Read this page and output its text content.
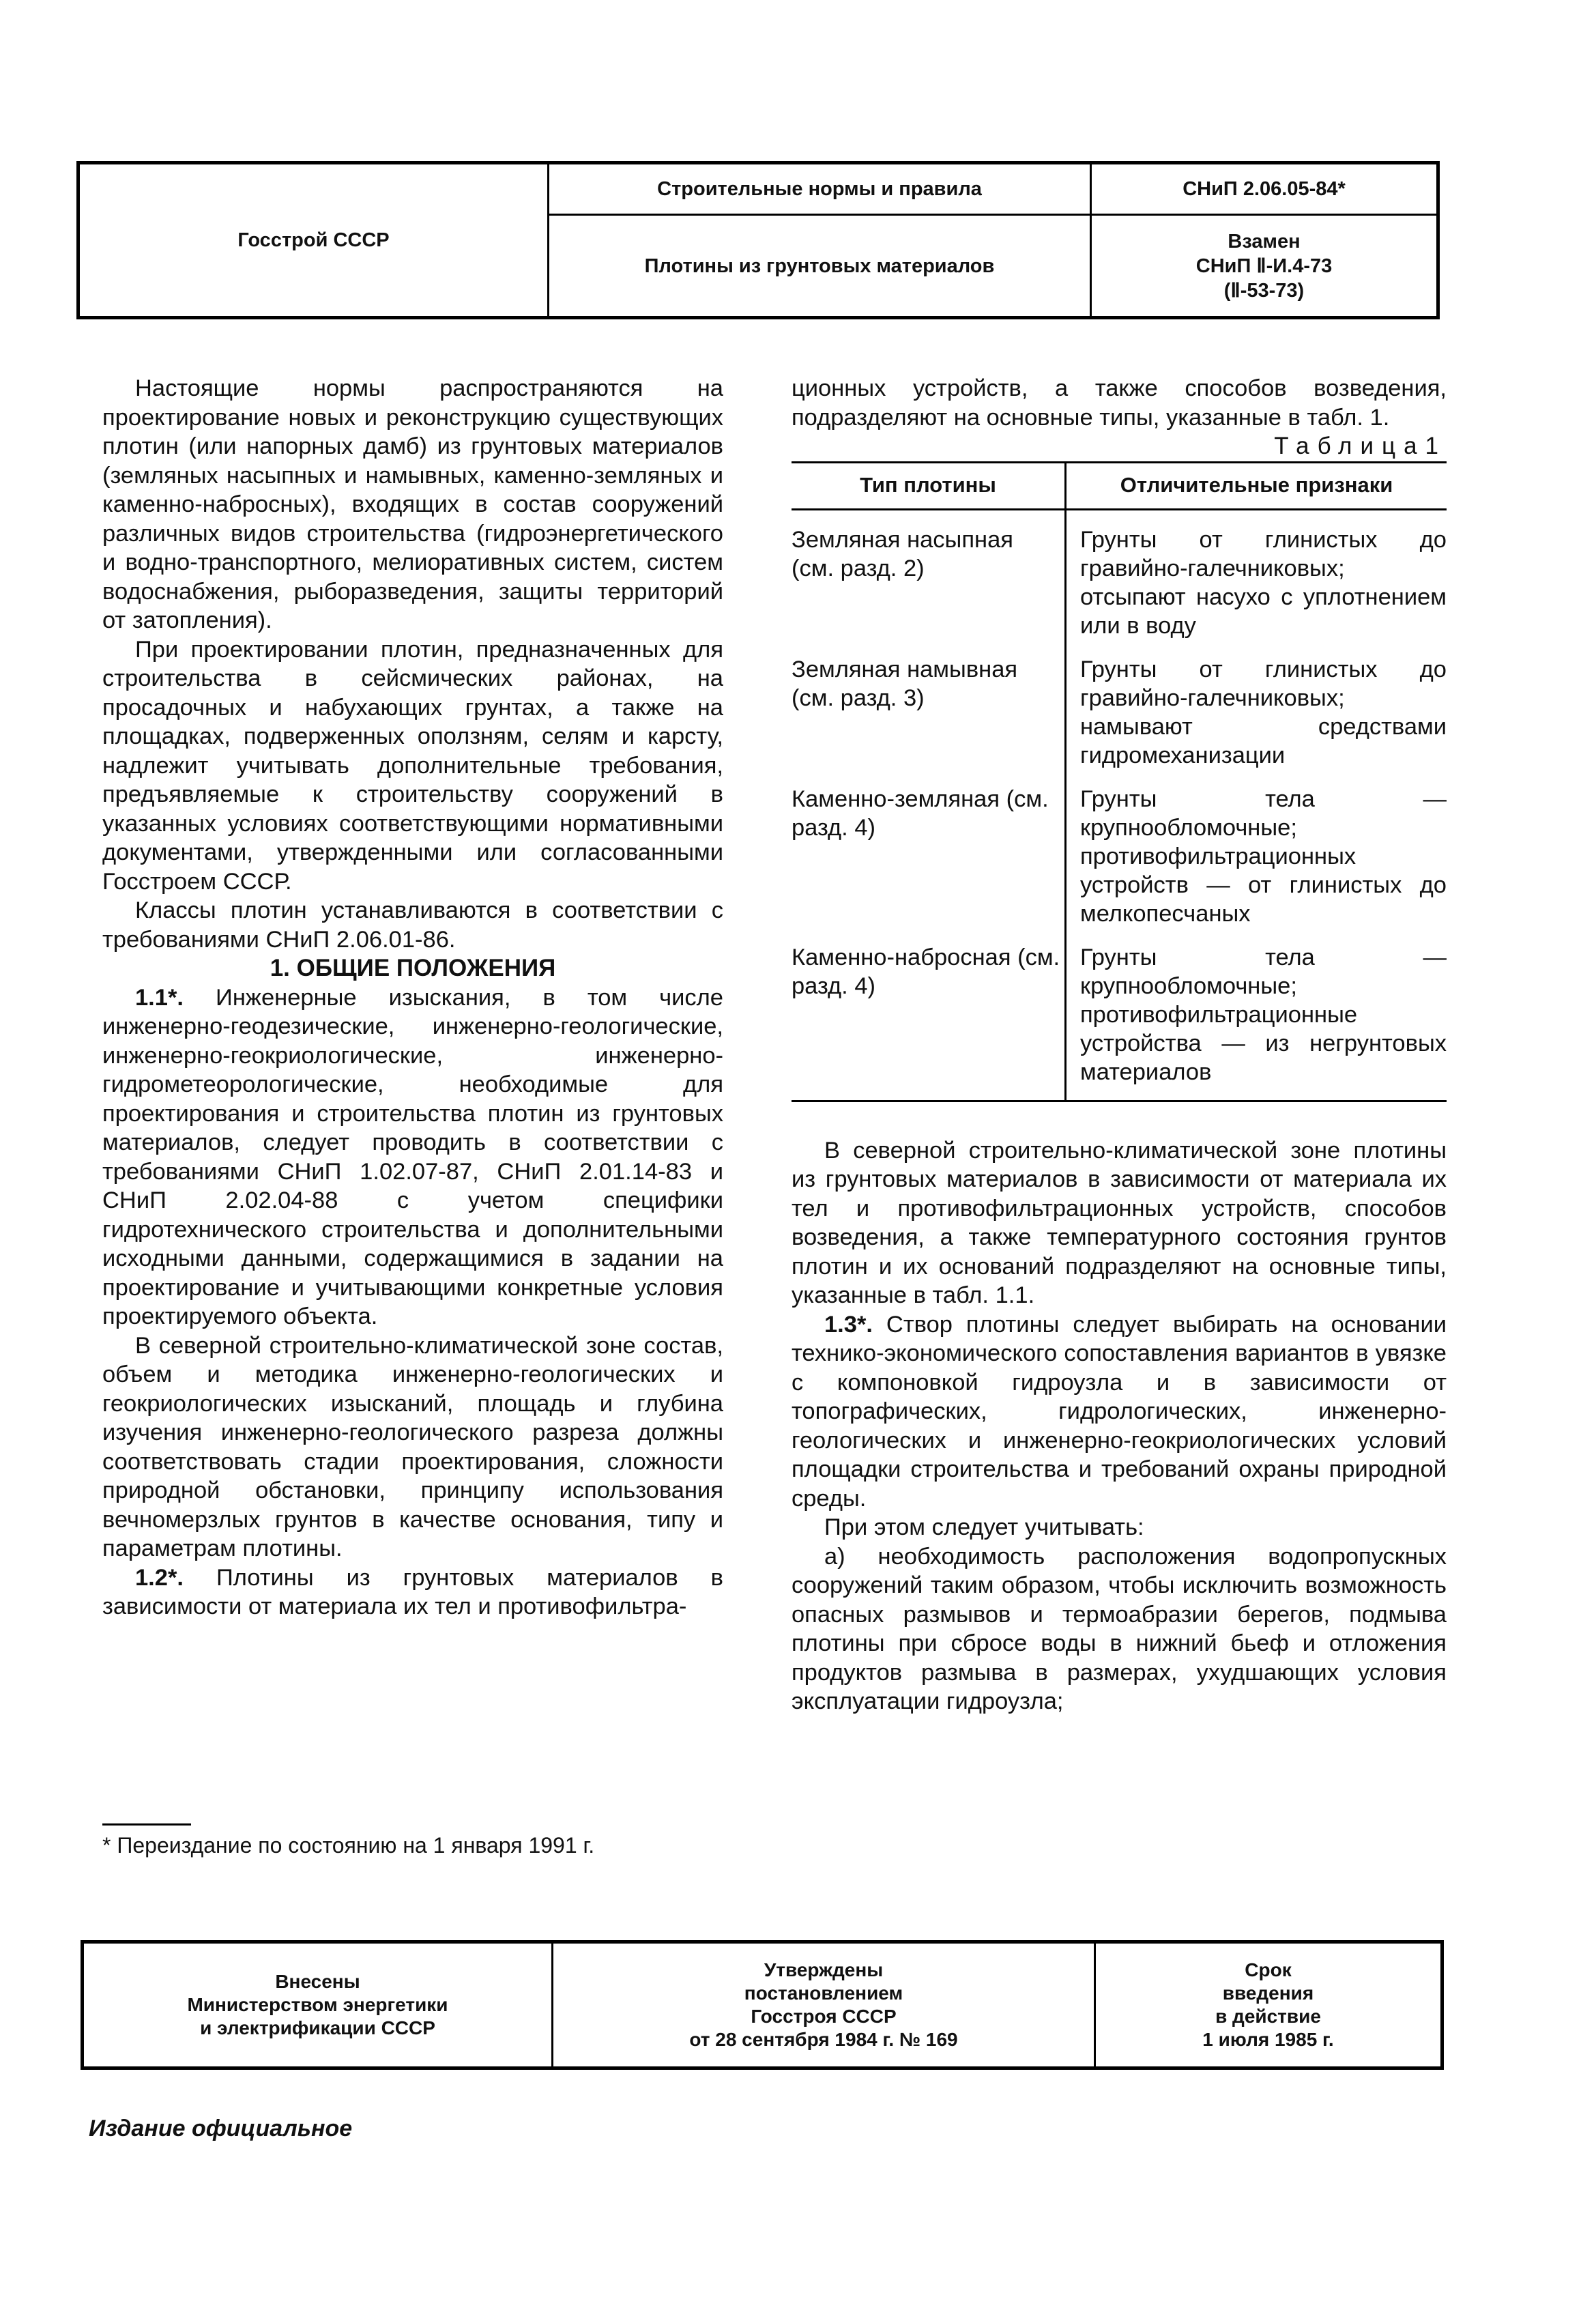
Госстрой СССР
Строительные нормы и правила
Плотины из грунтовых материалов
СНиП 2.06.05-84*
Взамен
СНиП Ⅱ-И.4-73
(Ⅱ-53-73)

Настоящие нормы распространяются на проектирование новых и реконструкцию существующих плотин (или напорных дамб) из грунтовых материалов (земляных насыпных и намывных, каменно-земляных и каменно-набросных), входящих в состав сооружений различных видов строительства (гидроэнергетического и водно-транспортного, мелиоративных систем, систем водоснабжения, рыборазведения, защиты территорий от затопления).

При проектировании плотин, предназначенных для строительства в сейсмических районах, на просадочных и набухающих грунтах, а также на площадках, подверженных оползням, селям и карсту, надлежит учитывать дополнительные требования, предъявляемые к строительству сооружений в указанных условиях соответствующими нормативными документами, утвержденными или согласованными Госстроем СССР.

Классы плотин устанавливаются в соответствии с требованиями СНиП 2.06.01-86.

1. ОБЩИЕ ПОЛОЖЕНИЯ

1.1*. Инженерные изыскания, в том числе инженерно-геодезические, инженерно-геологические, инженерно-геокриологические, инженерно-гидрометеорологические, необходимые для проектирования и строительства плотин из грунтовых материалов, следует проводить в соответствии с требованиями СНиП 1.02.07-87, СНиП 2.01.14-83 и СНиП 2.02.04-88 с учетом специфики гидротехнического строительства и дополнительными исходными данными, содержащимися в задании на проектирование и учитывающими конкретные условия проектируемого объекта.

В северной строительно-климатической зоне состав, объем и методика инженерно-геологических и геокриологических изысканий, площадь и глубина изучения инженерно-геологического разреза должны соответствовать стадии проектирования, сложности природной обстановки, принципу использования вечномерзлых грунтов в качестве основания, типу и параметрам плотины.

1.2*. Плотины из грунтовых материалов в зависимости от материала их тел и противофильтра-

* Переиздание по состоянию на 1 января 1991 г.

ционных устройств, а также способов возведения, подразделяют на основные типы, указанные в табл. 1.

Таблица1

Тип плотины	Отличительные признаки
Земляная насыпная (см. разд. 2)
Грунты от глинистых до гравийно-галечниковых; отсыпают насухо с уплотнением или в воду
Земляная намывная (см. разд. 3)
Грунты от глинистых до гравийно-галечниковых; намывают средствами гидромеханизации
Каменно-земляная (см. разд. 4)
Грунты тела — крупнообломочные; противофильтрационных устройств — от глинистых до мелкопесчаных
Каменно-набросная (см. разд. 4)
Грунты тела — крупнообломочные; противофильтрационные устройства — из негрунтовых материалов

В северной строительно-климатической зоне плотины из грунтовых материалов в зависимости от материала их тел и противофильтрационных устройств, способов возведения, а также температурного состояния грунтов плотин и их оснований подразделяют на основные типы, указанные в табл. 1.1.

1.3*. Створ плотины следует выбирать на основании технико-экономического сопоставления вариантов в увязке с компоновкой гидроузла и в зависимости от топографических, гидрологических, инженерно-геологических и инженерно-геокриологических условий площадки строительства и требований охраны природной среды.

При этом следует учитывать:

а) необходимость расположения водопропускных сооружений таким образом, чтобы исключить возможность опасных размывов и термоабразии берегов, подмыва плотины при сбросе воды в нижний бьеф и отложения продуктов размыва в размерах, ухудшающих условия эксплуатации гидроузла;

Внесены
Министерством энергетики
и электрификации СССР
Утверждены
постановлением
Госстроя СССР
от 28 сентября 1984 г. № 169
Срок
введения
в действие
1 июля 1985 г.
Издание официальное
